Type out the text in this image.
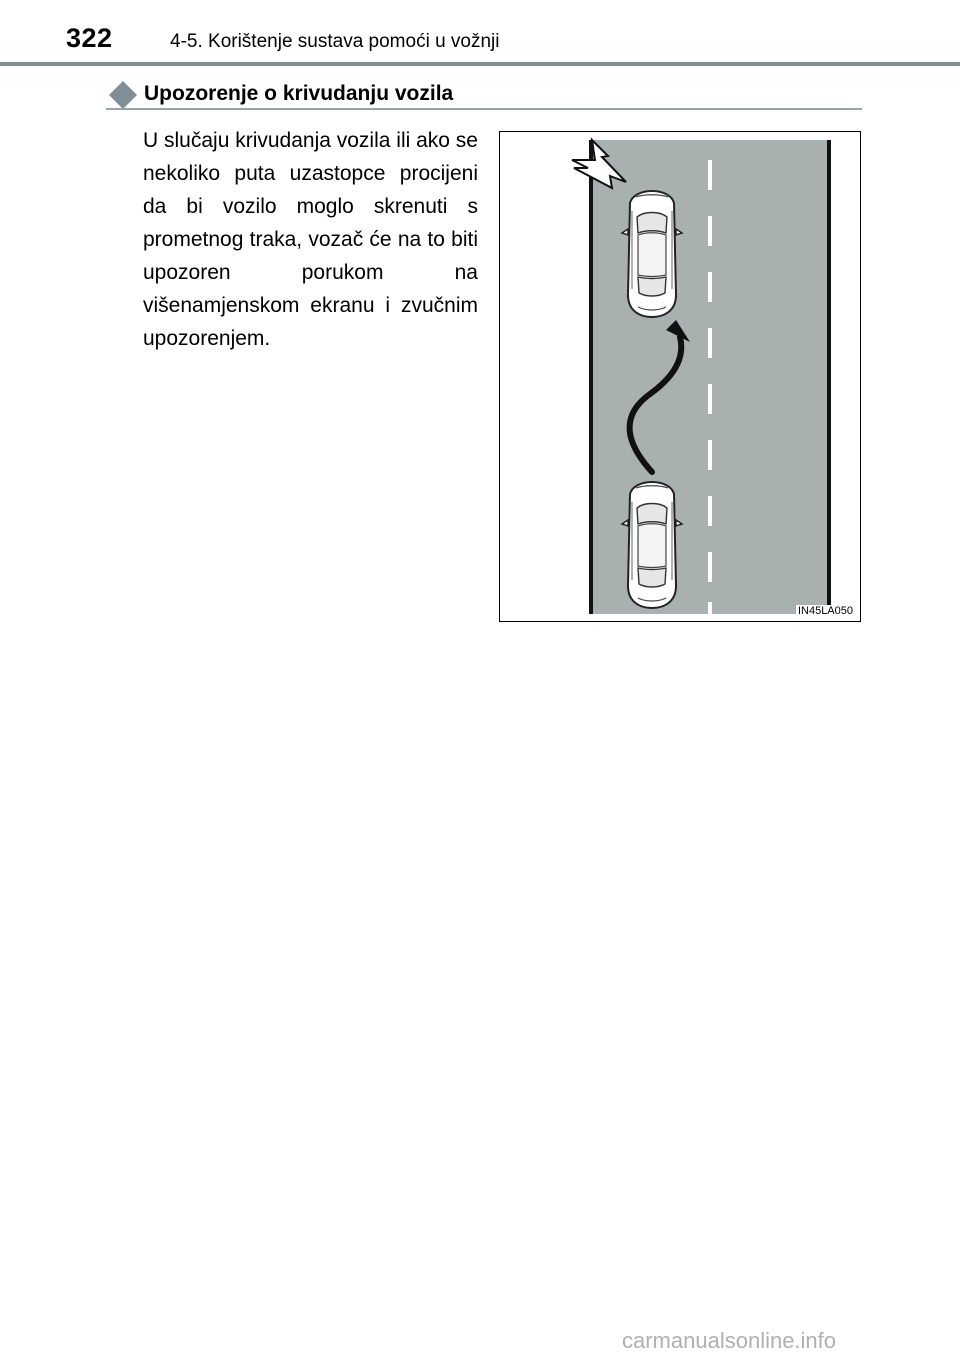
322	4-5. Korištenje sustava pomoći u vožnji
Upozorenje o krivudanju vozila
U slučaju krivudanja vozila ili ako se nekoliko puta uzastopce procijeni da bi vozilo moglo skrenuti s prometnog traka, vozač će na to biti upozoren porukom na višenamjenskom ekranu i zvučnim upozorenjem.
IN45LA050
carmanualsonline.info
